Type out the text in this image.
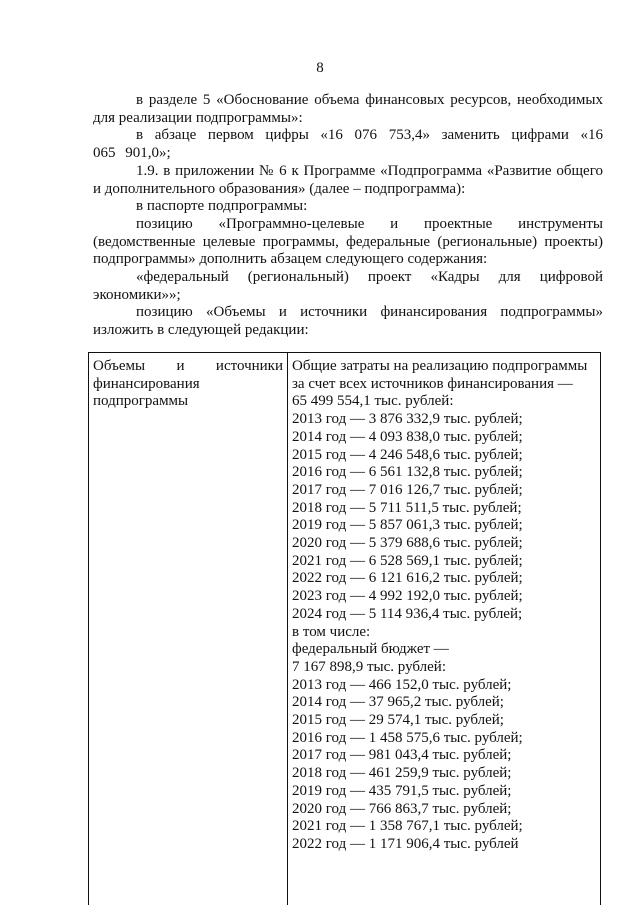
8

в разделе 5 «Обоснование объема финансовых ресурсов, необходимых для реализации подпрограммы»:

в абзаце первом цифры «16 076 753,4» заменить цифрами «16 065 901,0»;

1.9. в приложении № 6 к Программе «Подпрограмма «Развитие общего и дополнительного образования» (далее – подпрограмма):

в паспорте подпрограммы:

позицию «Программно-целевые и проектные инструменты (ведомственные целевые программы, федеральные (региональные) проекты) подпрограммы» дополнить абзацем следующего содержания:

«федеральный (региональный) проект «Кадры для цифровой экономики»»;

позицию «Объемы и источники финансирования подпрограммы» изложить в следующей редакции:

Объемы и источники
финансирования
подпрограммы
Общие затраты на реализацию подпрограммы
за счет всех источников финансирования —
65 499 554,1 тыс. рублей:
2013 год — 3 876 332,9 тыс. рублей;
2014 год — 4 093 838,0 тыс. рублей;
2015 год — 4 246 548,6 тыс. рублей;
2016 год — 6 561 132,8 тыс. рублей;
2017 год — 7 016 126,7 тыс. рублей;
2018 год — 5 711 511,5 тыс. рублей;
2019 год — 5 857 061,3 тыс. рублей;
2020 год — 5 379 688,6 тыс. рублей;
2021 год — 6 528 569,1 тыс. рублей;
2022 год — 6 121 616,2 тыс. рублей;
2023 год — 4 992 192,0 тыс. рублей;
2024 год — 5 114 936,4 тыс. рублей;
в том числе:
федеральный бюджет —
7 167 898,9 тыс. рублей:
2013 год — 466 152,0 тыс. рублей;
2014 год — 37 965,2 тыс. рублей;
2015 год — 29 574,1 тыс. рублей;
2016 год — 1 458 575,6 тыс. рублей;
2017 год — 981 043,4 тыс. рублей;
2018 год — 461 259,9 тыс. рублей;
2019 год — 435 791,5 тыс. рублей;
2020 год — 766 863,7 тыс. рублей;
2021 год — 1 358 767,1 тыс. рублей;
2022 год — 1 171 906,4 тыс. рублей
